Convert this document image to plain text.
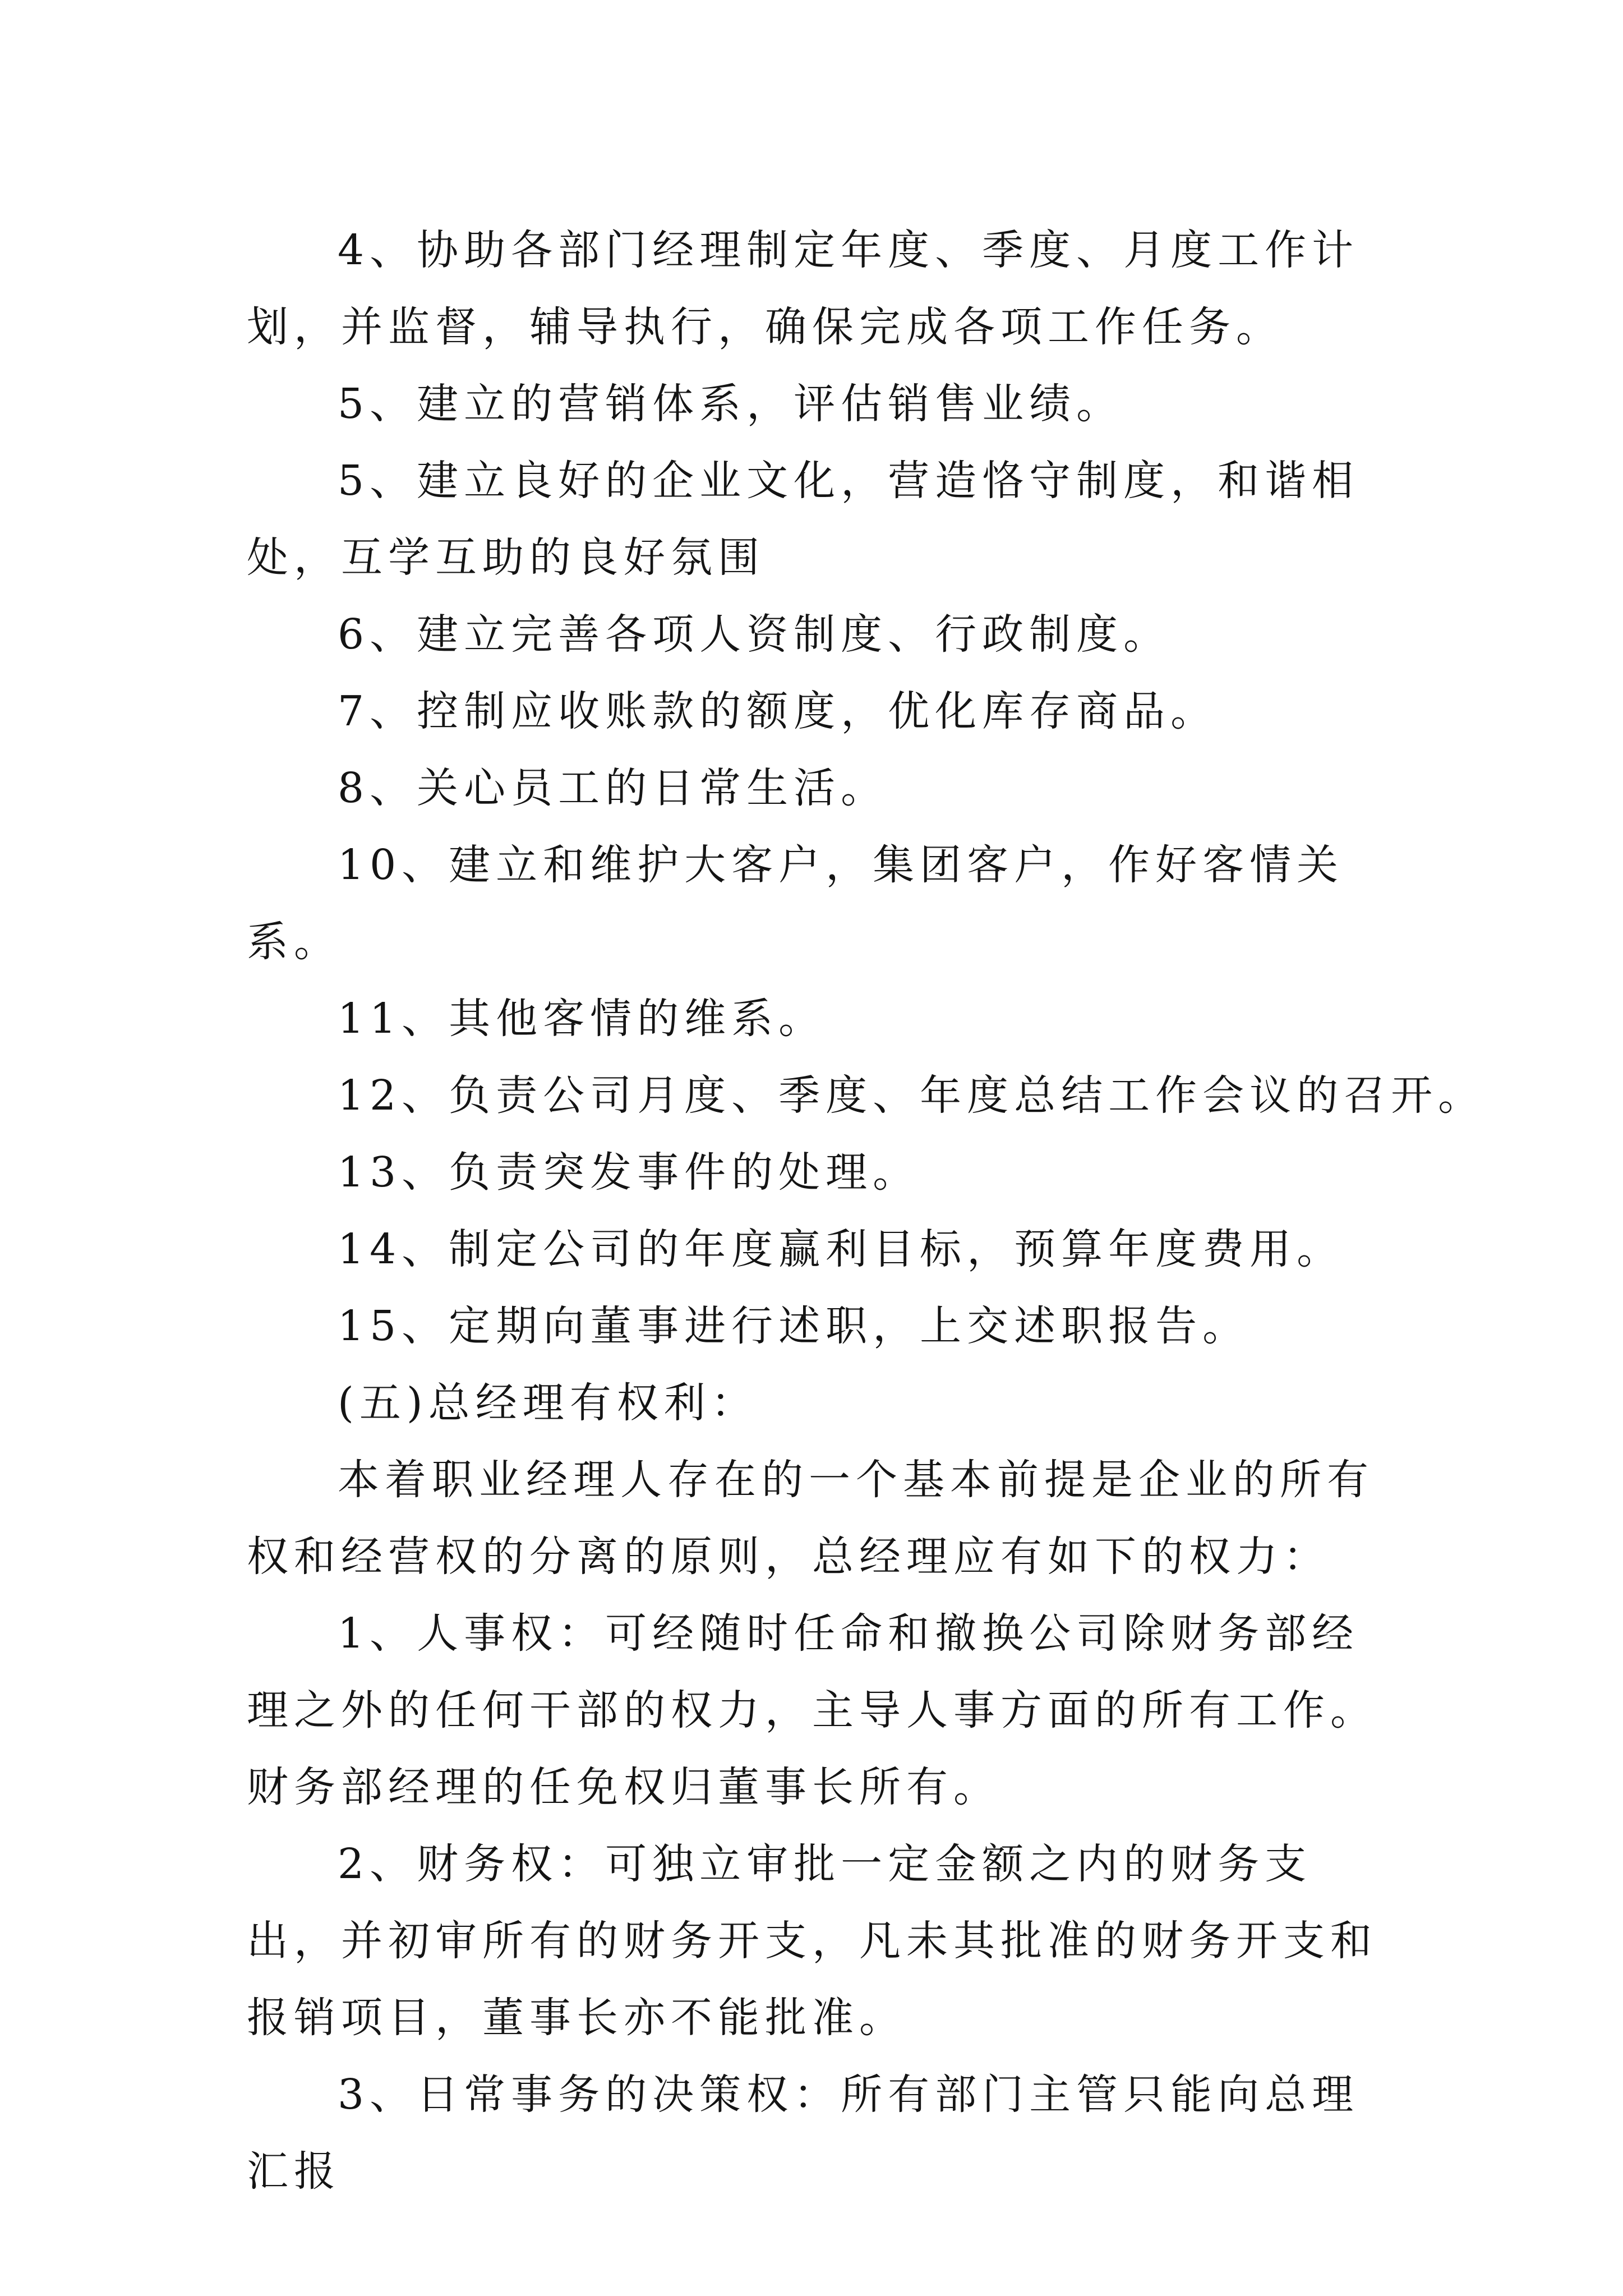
4、协助各部门经理制定年度、季度、月度工作计划，并监督，辅导执行，确保完成各项工作任务。

5、建立的营销体系，评估销售业绩。

5、建立良好的企业文化，营造恪守制度，和谐相处，互学互助的良好氛围

6、建立完善各项人资制度、行政制度。

7、控制应收账款的额度，优化库存商品。

8、关心员工的日常生活。

10、建立和维护大客户，集团客户，作好客情关系。

11、其他客情的维系。

12、负责公司月度、季度、年度总结工作会议的召开。

13、负责突发事件的处理。

14、制定公司的年度赢利目标，预算年度费用。

15、定期向董事进行述职，上交述职报告。

(五)总经理有权利：

本着职业经理人存在的一个基本前提是企业的所有权和经营权的分离的原则，总经理应有如下的权力：

1、人事权：可经随时任命和撤换公司除财务部经理之外的任何干部的权力，主导人事方面的所有工作。财务部经理的任免权归董事长所有。

2、财务权：可独立审批一定金额之内的财务支出，并初审所有的财务开支，凡未其批准的财务开支和报销项目，董事长亦不能批准。

3、日常事务的决策权：所有部门主管只能向总理汇报
